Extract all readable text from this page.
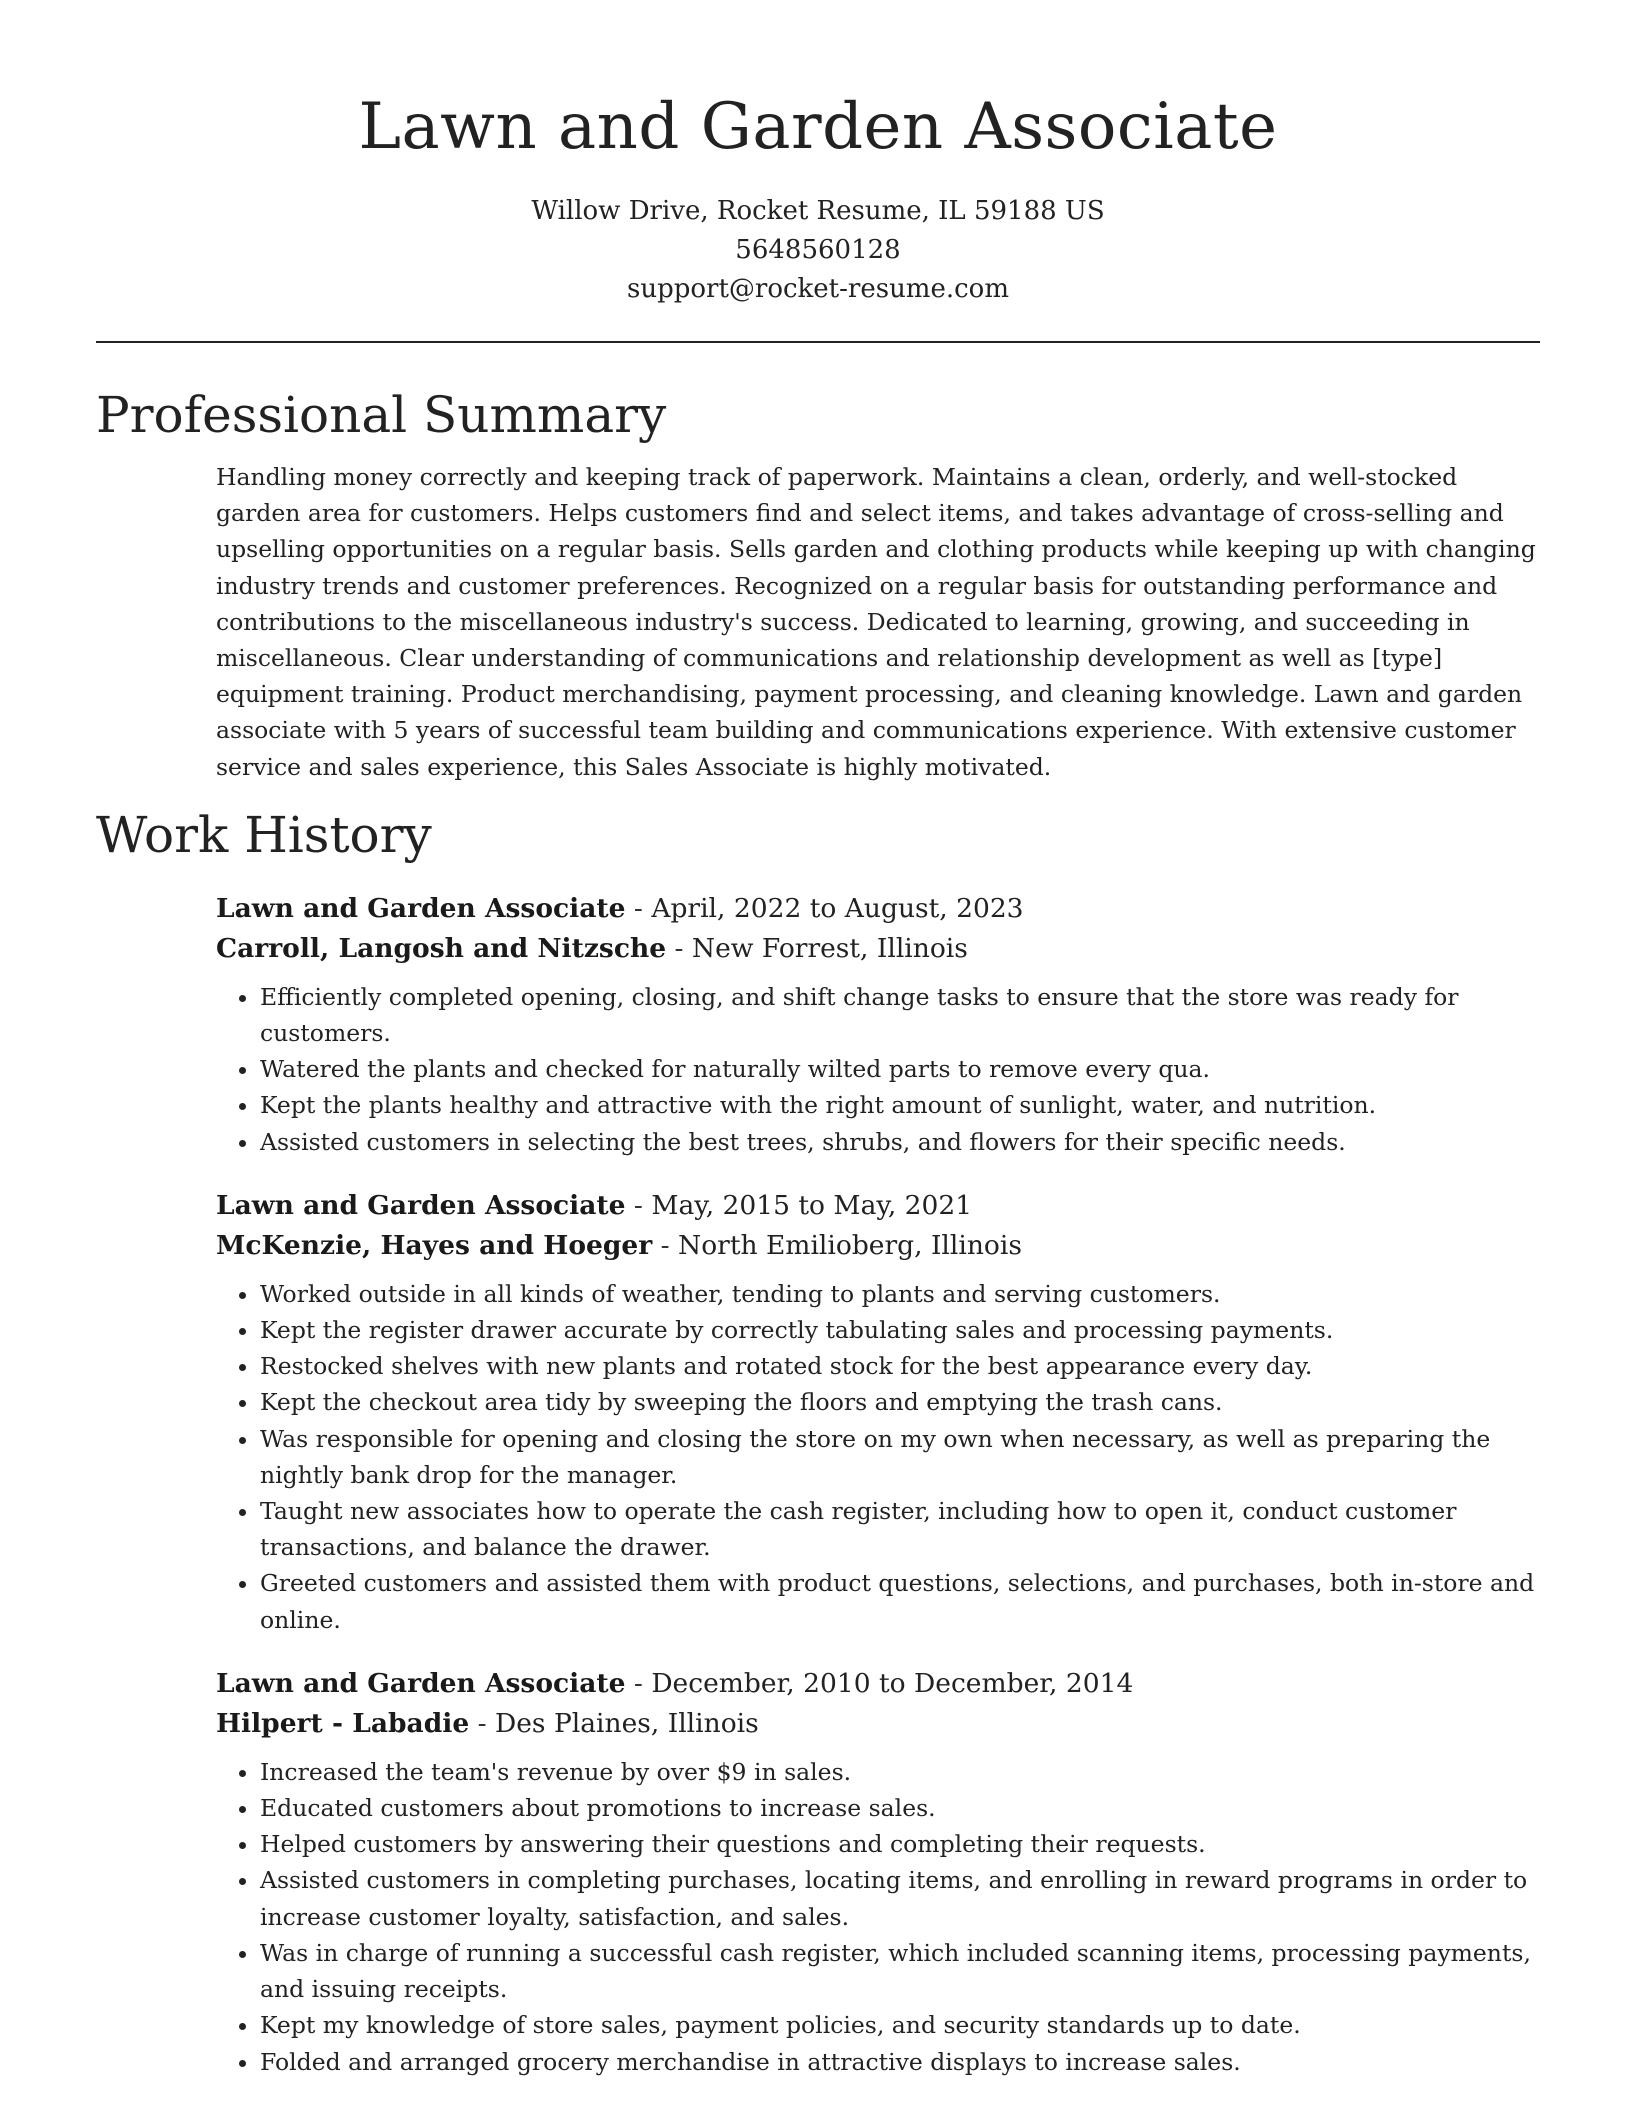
Lawn and Garden Associate
Willow Drive, Rocket Resume, IL 59188 US
5648560128
support@rocket-resume.com
Professional Summary

Handling money correctly and keeping track of paperwork. Maintains a clean, orderly, and well-stocked garden area for customers. Helps customers find and select items, and takes advantage of cross-selling and upselling opportunities on a regular basis. Sells garden and clothing products while keeping up with changing industry trends and customer preferences. Recognized on a regular basis for outstanding performance and contributions to the miscellaneous industry's success. Dedicated to learning, growing, and succeeding in miscellaneous. Clear understanding of communications and relationship development as well as [type] equipment training. Product merchandising, payment processing, and cleaning knowledge. Lawn and garden associate with 5 years of successful team building and communications experience. With extensive customer service and sales experience, this Sales Associate is highly motivated.

Work History
Lawn and Garden Associate - April, 2022 to August, 2023
Carroll, Langosh and Nitzsche - New Forrest, Illinois
• Efficiently completed opening, closing, and shift change tasks to ensure that the store was ready for customers.
• Watered the plants and checked for naturally wilted parts to remove every qua.
• Kept the plants healthy and attractive with the right amount of sunlight, water, and nutrition.
• Assisted customers in selecting the best trees, shrubs, and flowers for their specific needs.
Lawn and Garden Associate - May, 2015 to May, 2021
McKenzie, Hayes and Hoeger - North Emilioberg, Illinois
• Worked outside in all kinds of weather, tending to plants and serving customers.
• Kept the register drawer accurate by correctly tabulating sales and processing payments.
• Restocked shelves with new plants and rotated stock for the best appearance every day.
• Kept the checkout area tidy by sweeping the floors and emptying the trash cans.
• Was responsible for opening and closing the store on my own when necessary, as well as preparing the nightly bank drop for the manager.
• Taught new associates how to operate the cash register, including how to open it, conduct customer transactions, and balance the drawer.
• Greeted customers and assisted them with product questions, selections, and purchases, both in-store and online.
Lawn and Garden Associate - December, 2010 to December, 2014
Hilpert - Labadie - Des Plaines, Illinois
• Increased the team's revenue by over $9 in sales.
• Educated customers about promotions to increase sales.
• Helped customers by answering their questions and completing their requests.
• Assisted customers in completing purchases, locating items, and enrolling in reward programs in order to increase customer loyalty, satisfaction, and sales.
• Was in charge of running a successful cash register, which included scanning items, processing payments, and issuing receipts.
• Kept my knowledge of store sales, payment policies, and security standards up to date.
• Folded and arranged grocery merchandise in attractive displays to increase sales.
